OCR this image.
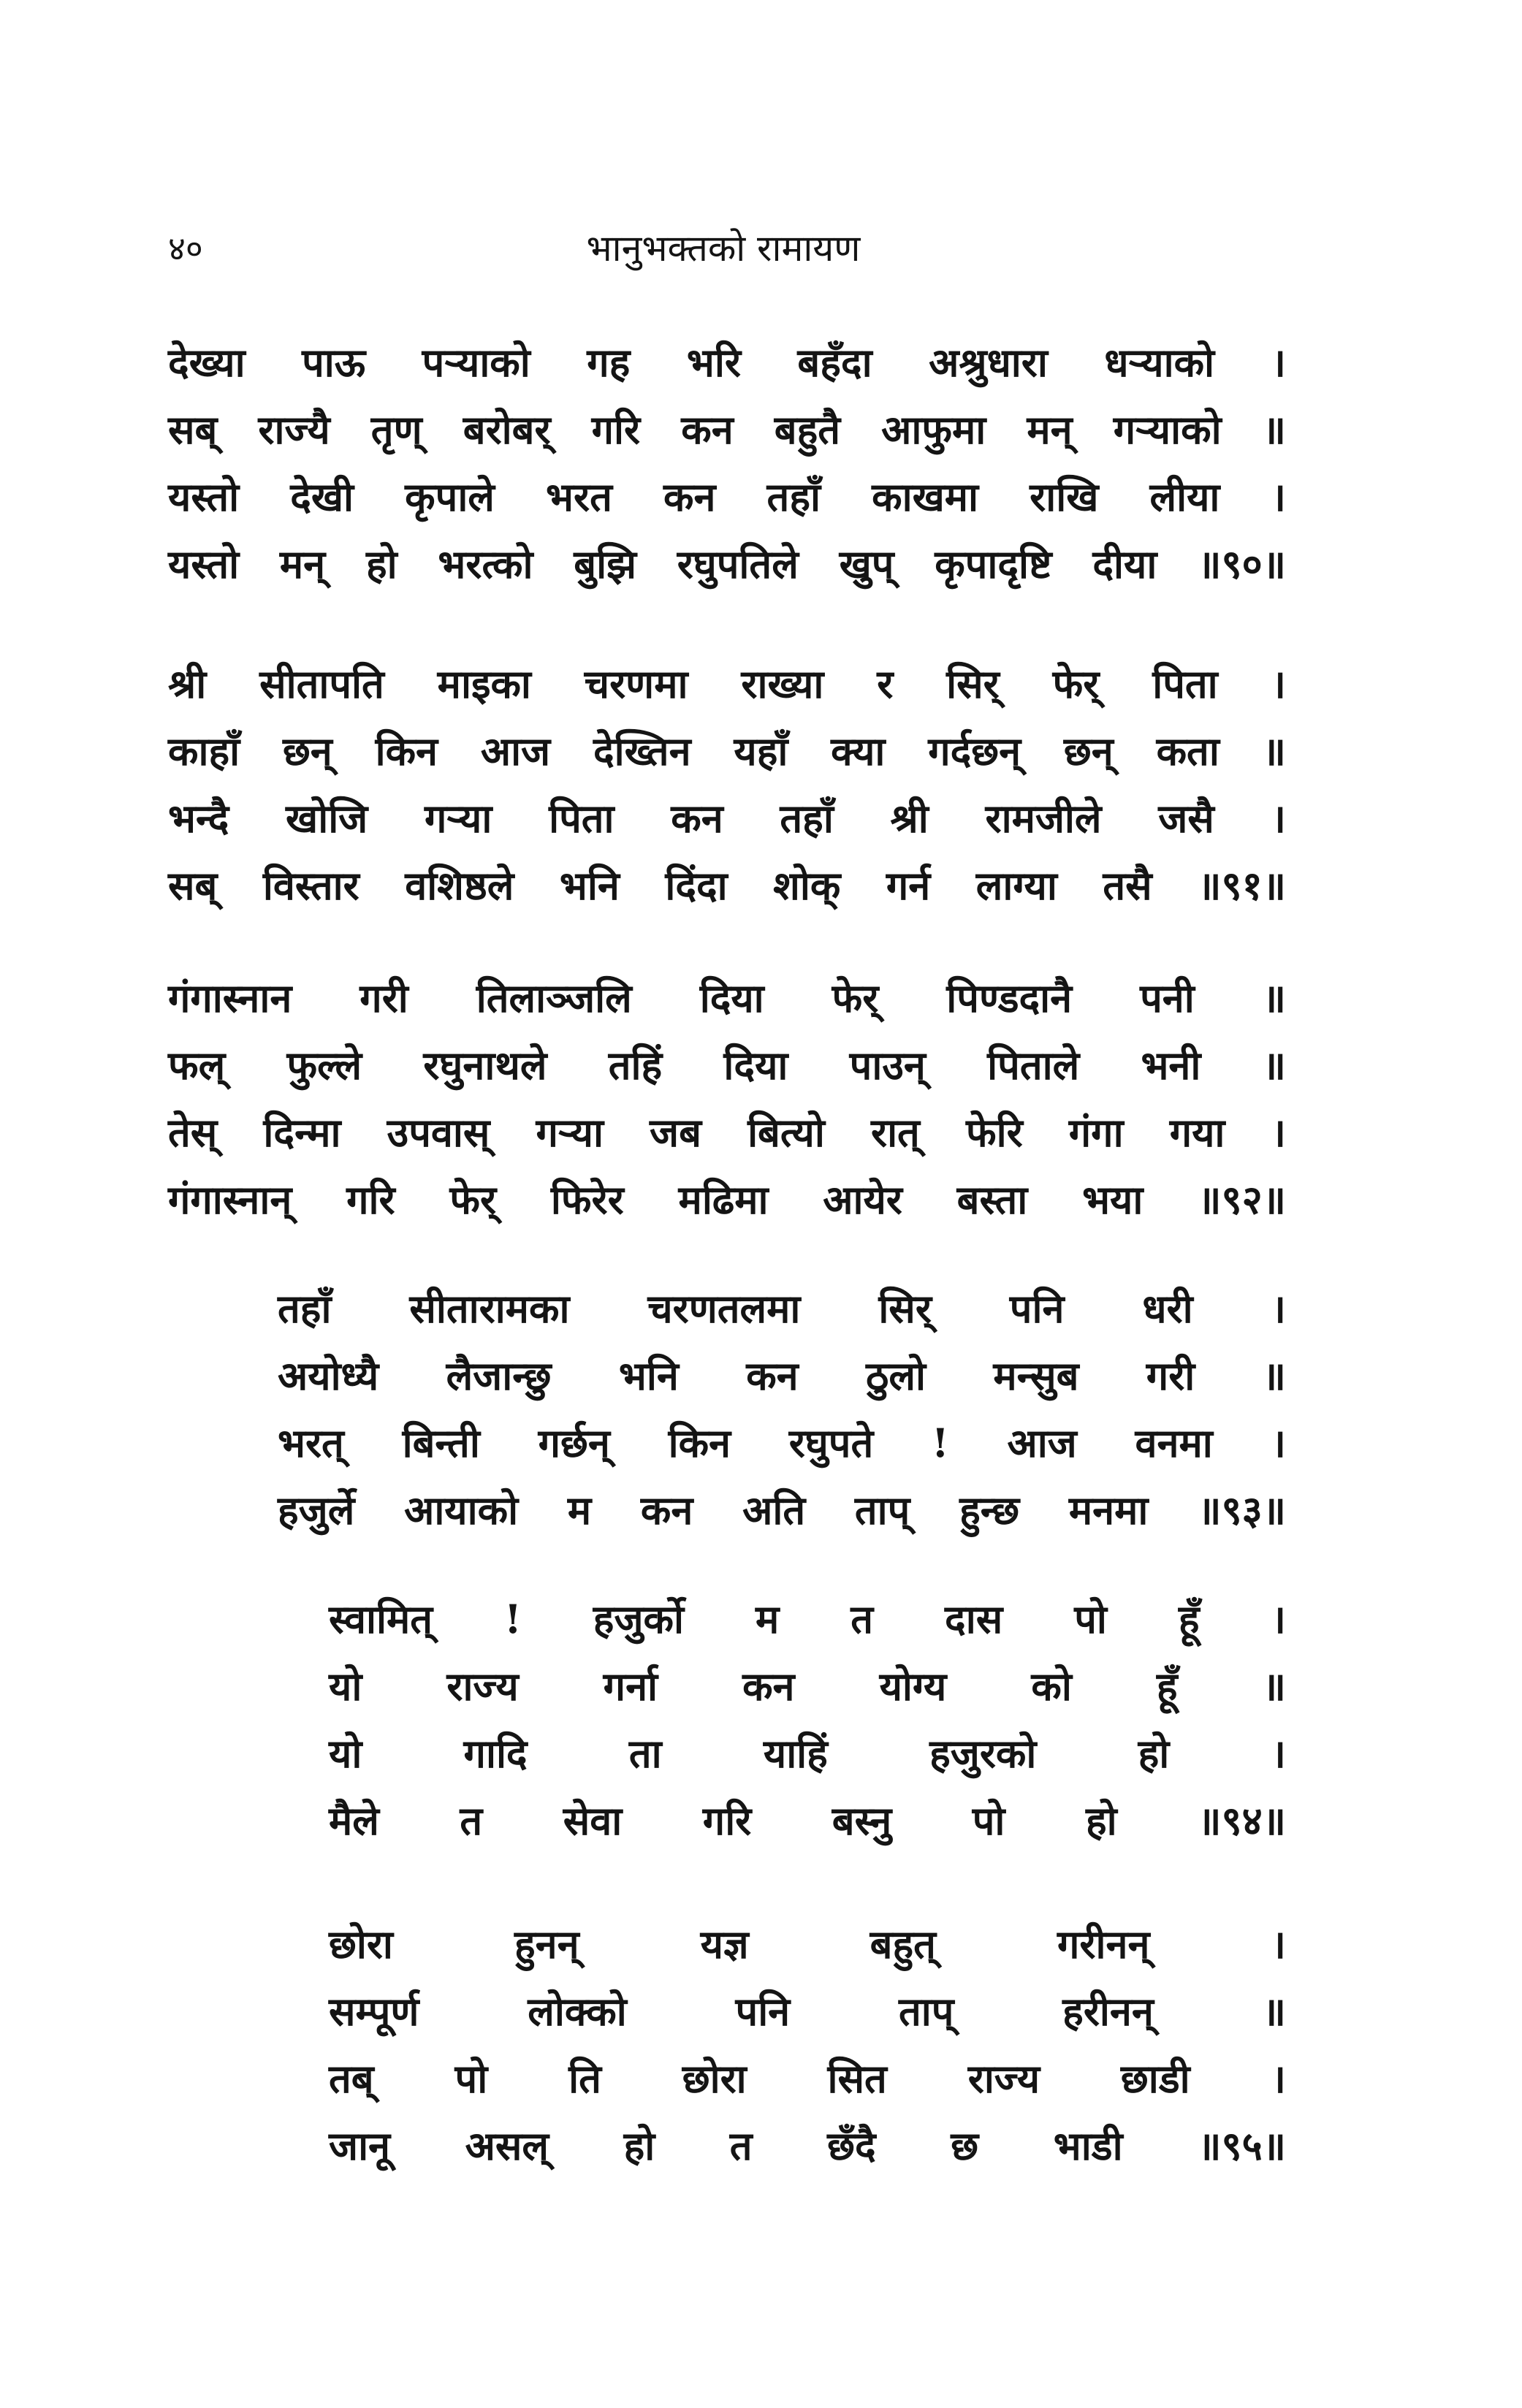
४०	भानुभक्तको रामायण
देख्या पाऊ पऱ्याको गह भरि बहँदा अश्रुधारा धऱ्याको ।
सब् राज्यै तृण् बरोबर् गरि कन बहुतै आफुमा मन् गऱ्याको ॥
यस्तो देखी कृपाले भरत कन तहाँ काखमा राखि लीया ।
यस्तो मन् हो भरत्को बुझि रघुपतिले खुप् कृपादृष्टि दीया ॥९०॥
श्री सीतापति माइका चरणमा राख्या र सिर् फेर् पिता ।
काहाँ छन् किन आज देख्तिन यहाँ क्या गर्दछन् छन् कता ॥
भन्दै खोजि गऱ्या पिता कन तहाँ श्री रामजीले जसै ।
सब् विस्तार वशिष्ठले भनि दिंदा शोक् गर्न लाग्या तसै ॥९१॥
गंगास्नान गरी तिलाञ्जलि दिया फेर् पिण्डदानै पनी ॥
फल् फुल्ले रघुनाथले तहिं दिया पाउन् पिताले भनी ॥
तेस् दिन्मा उपवास् गऱ्या जब बित्यो रात् फेरि गंगा गया ।
गंगास्नान् गरि फेर् फिरेर मढिमा आयेर बस्ता भया ॥९२॥
तहाँ सीतारामका चरणतलमा सिर् पनि धरी ।
अयोध्यै लैजान्छु भनि कन ठुलो मन्सुब गरी ॥
भरत् बिन्ती गर्छन् किन रघुपते ! आज वनमा ।
हजुर्ले आयाको म कन अति ताप् हुन्छ मनमा ॥९३॥
स्वामित् ! हजुर्को म त दास पो हूँ ।
यो राज्य गर्ना कन योग्य को हूँ ॥
यो गादि ता याहिं हजुरको हो ।
मैले त सेवा गरि बस्नु पो हो ॥९४॥
छोरा हुनन् यज्ञ बहुत् गरीनन् ।
सम्पूर्ण लोक्को पनि ताप् हरीनन् ॥
तब् पो ति छोरा सित राज्य छाडी ।
जानू असल् हो त छँदै छ भाडी ॥९५॥
